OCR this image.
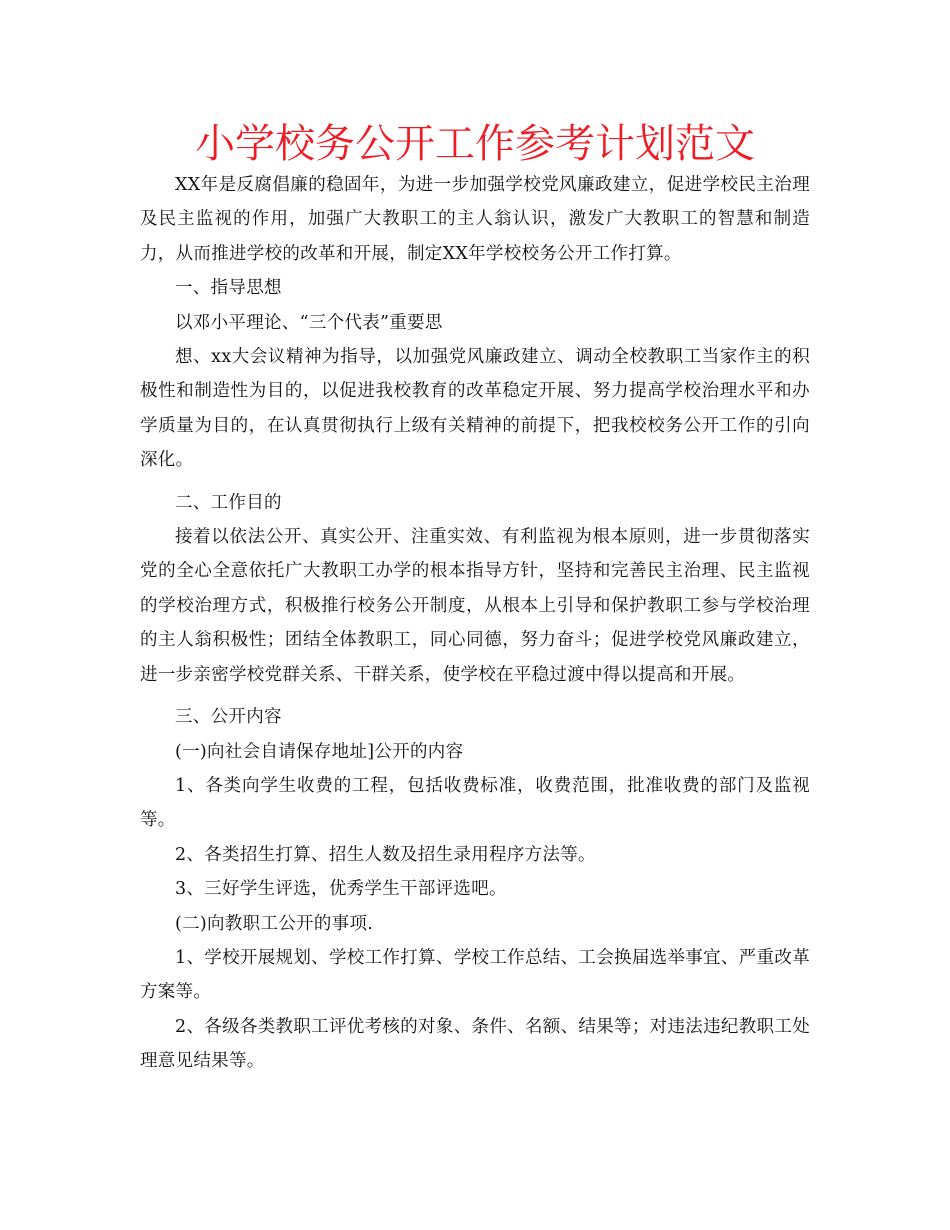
小学校务公开工作参考计划范文

XX年是反腐倡廉的稳固年，为进一步加强学校党风廉政建立，促进学校民主治理及民主监视的作用，加强广大教职工的主人翁认识，激发广大教职工的智慧和制造力，从而推进学校的改革和开展，制定XX年学校校务公开工作打算。

一、指导思想

以邓小平理论、“三个代表”重要思

想、xx大会议精神为指导，以加强党风廉政建立、调动全校教职工当家作主的积极性和制造性为目的，以促进我校教育的改革稳定开展、努力提高学校治理水平和办学质量为目的，在认真贯彻执行上级有关精神的前提下，把我校校务公开工作的引向深化。

二、工作目的

接着以依法公开、真实公开、注重实效、有利监视为根本原则，进一步贯彻落实党的全心全意依托广大教职工办学的根本指导方针，坚持和完善民主治理、民主监视的学校治理方式，积极推行校务公开制度，从根本上引导和保护教职工参与学校治理的主人翁积极性；团结全体教职工，同心同德，努力奋斗；促进学校党风廉政建立，进一步亲密学校党群关系、干群关系，使学校在平稳过渡中得以提高和开展。

三、公开内容

(一)向社会自请保存地址]公开的内容

1、各类向学生收费的工程，包括收费标准，收费范围，批准收费的部门及监视等。

2、各类招生打算、招生人数及招生录用程序方法等。

3、三好学生评选，优秀学生干部评选吧。

(二)向教职工公开的事项.

1、学校开展规划、学校工作打算、学校工作总结、工会换届选举事宜、严重改革方案等。

2、各级各类教职工评优考核的对象、条件、名额、结果等；对违法违纪教职工处理意见结果等。
